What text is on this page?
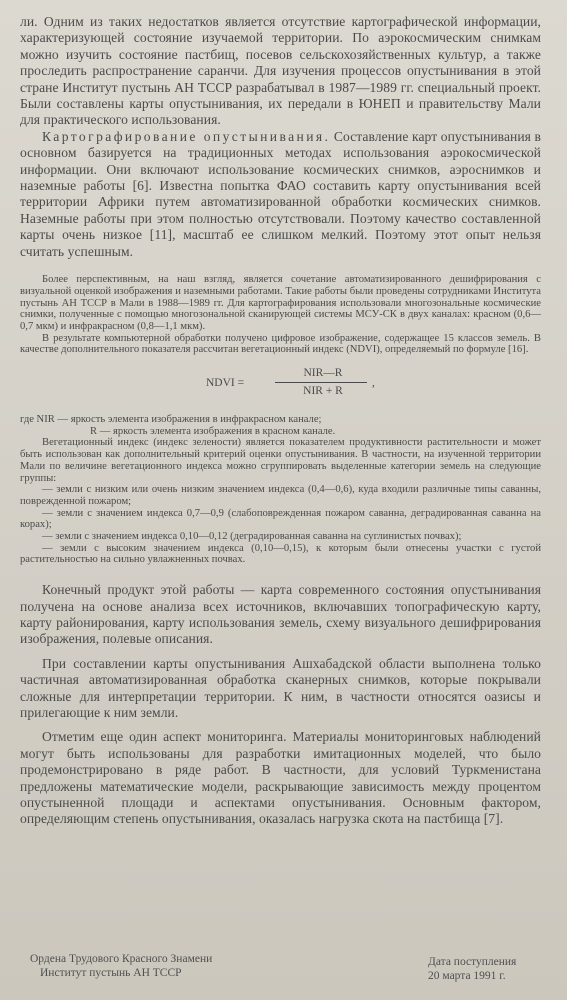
ли. Одним из таких недостатков является отсутствие картографической информации, характеризующей состояние изучаемой территории. По аэрокосмическим снимкам можно изучить состояние пастбищ, посевов сельскохозяйственных культур, а также проследить распространение саранчи. Для изучения процессов опустынивания в этой стране Институт пустынь АН ТССР разрабатывал в 1987—1989 гг. специальный проект. Были составлены карты опустынивания, их передали в ЮНЕП и правительству Мали для практического использования.

Картографирование опустынивания. Составление карт опустынивания в основном базируется на традиционных методах использования аэрокосмической информации. Они включают использование космических снимков, аэроснимков и наземные работы [6]. Известна попытка ФАО составить карту опустынивания всей территории Африки путем автоматизированной обработки космических снимков. Наземные работы при этом полностью отсутствовали. Поэтому качество составленной карты очень низкое [11], масштаб ее слишком мелкий. Поэтому этот опыт нельзя считать успешным.

Более перспективным, на наш взгляд, является сочетание автоматизированного дешифрирования с визуальной оценкой изображения и наземными работами. Такие работы были проведены сотрудниками Института пустынь АН ТССР в Мали в 1988—1989 гг. Для картографирования использовали многозональные космические снимки, полученные с помощью многозональной сканирующей системы МСУ-СК в двух каналах: красном (0,6—0,7 мкм) и инфракрасном (0,8—1,1 мкм).

В результате компьютерной обработки получено цифровое изображение, содержащее 15 классов земель. В качестве дополнительного показателя рассчитан вегетационный индекс (NDVI), определяемый по формуле [16].

NDVI =
NIR—R
NIR + R
,

где NIR — яркость элемента изображения в инфракрасном канале;

R — яркость элемента изображения в красном канале.

Вегетационный индекс (индекс зелености) является показателем продуктивности растительности и может быть использован как дополнительный критерий оценки опустынивания. В частности, на изученной территории Мали по величине вегетационного индекса можно сгруппировать выделенные категории земель на следующие группы:

— земли с низким или очень низким значением индекса (0,4—0,6), куда входили различные типы саванны, поврежденной пожаром;

— земли с значением индекса 0,7—0,9 (слабоповрежденная пожаром саванна, деградированная саванна на корах);

— земли с значением индекса 0,10—0,12 (деградированная саванна на суглинистых почвах);

— земли с высоким значением индекса (0,10—0,15), к которым были отнесены участки с густой растительностью на сильно увлажненных почвах.

Конечный продукт этой работы — карта современного состояния опустынивания получена на основе анализа всех источников, включавших топографическую карту, карту районирования, карту использования земель, схему визуального дешифрирования изображения, полевые описания.

При составлении карты опустынивания Ашхабадской области выполнена только частичная автоматизированная обработка сканерных снимков, которые покрывали сложные для интерпретации территории. К ним, в частности относятся оазисы и прилегающие к ним земли.

Отметим еще один аспект мониторинга. Материалы мониторинговых наблюдений могут быть использованы для разработки имитационных моделей, что было продемонстрировано в ряде работ. В частности, для условий Туркменистана предложены математические модели, раскрывающие зависимость между процентом опустыненной площади и аспектами опустынивания. Основным фактором, определяющим степень опустынивания, оказалась нагрузка скота на пастбища [7].

Ордена Трудового Красного Знамени
Институт пустынь АН ТССР
Дата поступления
20 марта 1991 г.
